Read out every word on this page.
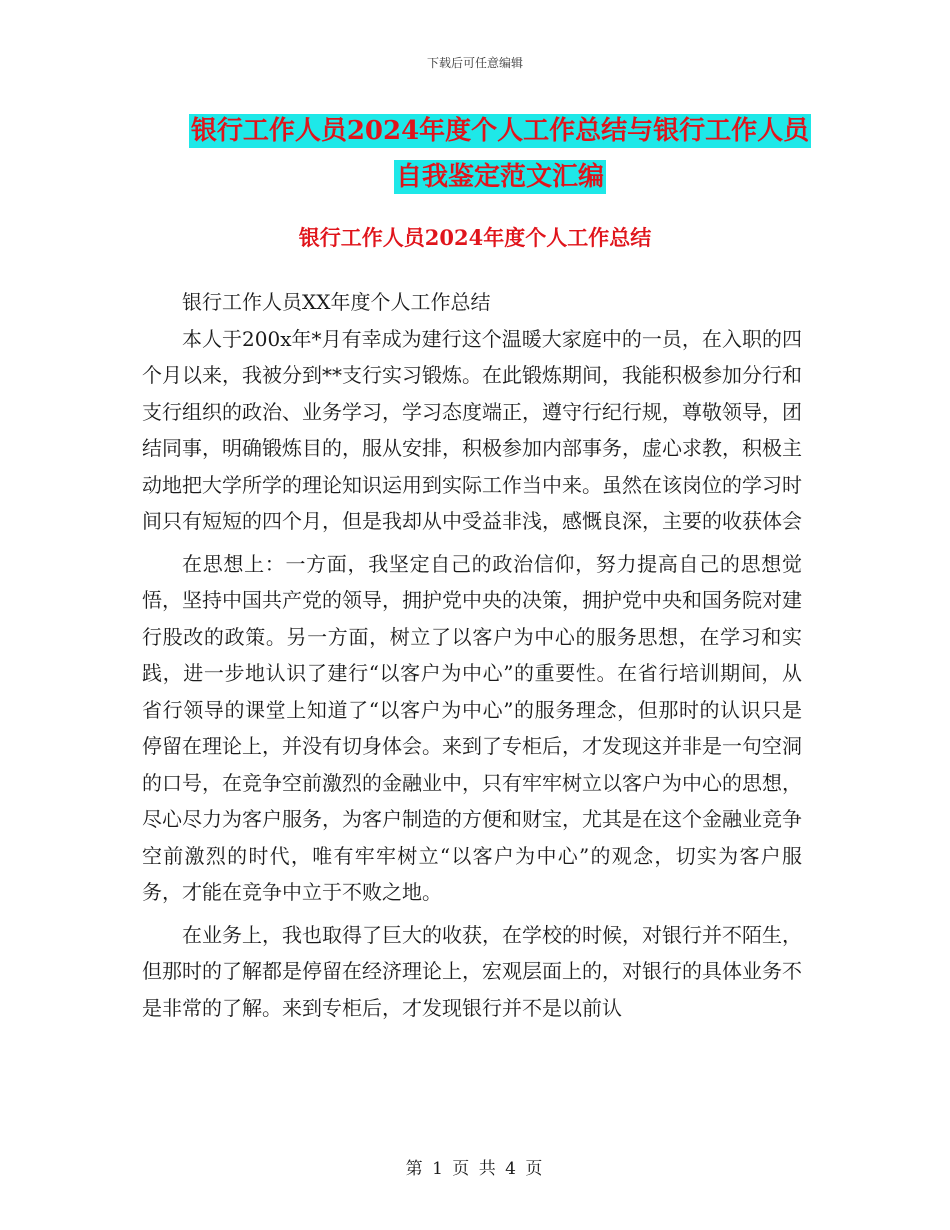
下载后可任意编辑
银行工作人员2024年度个人工作总结与银行工作人员
自我鉴定范文汇编
银行工作人员2024年度个人工作总结

银行工作人员XX年度个人工作总结

本人于200x年*月有幸成为建行这个温暖大家庭中的一员，在入职的四个月以来，我被分到**支行实习锻炼。在此锻炼期间，我能积极参加分行和支行组织的政治、业务学习，学习态度端正，遵守行纪行规，尊敬领导，团结同事，明确锻炼目的，服从安排，积极参加内部事务，虚心求教，积极主动地把大学所学的理论知识运用到实际工作当中来。虽然在该岗位的学习时间只有短短的四个月，但是我却从中受益非浅，感慨良深，主要的收获体会

在思想上：一方面，我坚定自己的政治信仰，努力提高自己的思想觉悟，坚持中国共产党的领导，拥护党中央的决策，拥护党中央和国务院对建行股改的政策。另一方面，树立了以客户为中心的服务思想，在学习和实践，进一步地认识了建行“以客户为中心”的重要性。在省行培训期间，从省行领导的课堂上知道了“以客户为中心”的服务理念，但那时的认识只是停留在理论上，并没有切身体会。来到了专柜后，才发现这并非是一句空洞的口号，在竞争空前激烈的金融业中，只有牢牢树立以客户为中心的思想，尽心尽力为客户服务，为客户制造的方便和财宝，尤其是在这个金融业竞争空前激烈的时代，唯有牢牢树立“以客户为中心”的观念，切实为客户服务，才能在竞争中立于不败之地。

在业务上，我也取得了巨大的收获，在学校的时候，对银行并不陌生，但那时的了解都是停留在经济理论上，宏观层面上的，对银行的具体业务不是非常的了解。来到专柜后，才发现银行并不是以前认

第 1 页 共 4 页
